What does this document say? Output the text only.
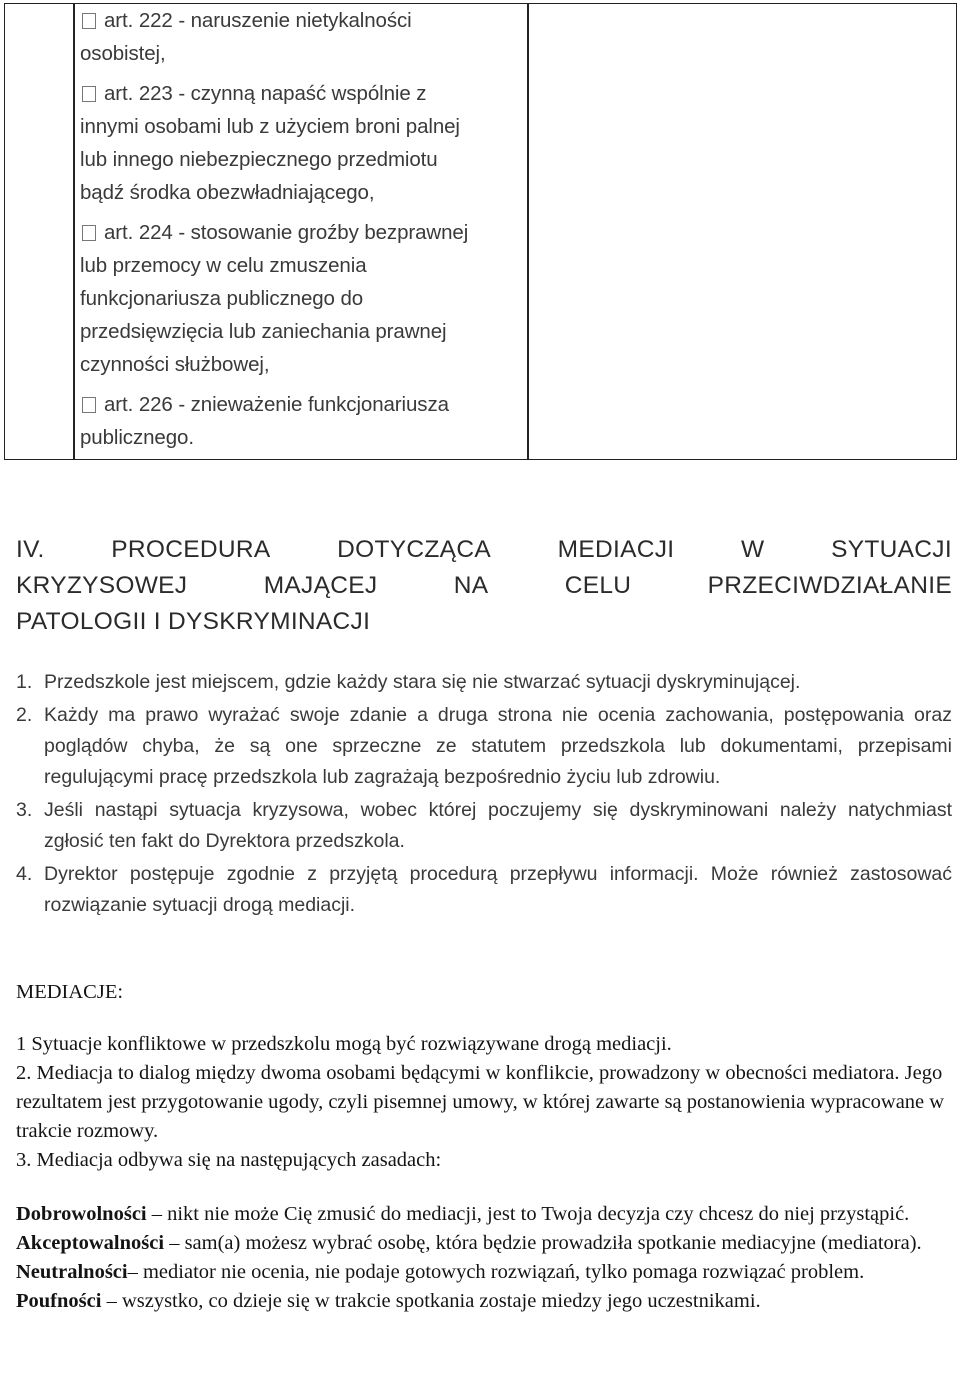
art. 222 - naruszenie nietykalności
osobistej,
art. 223 - czynną napaść wspólnie z
innymi osobami lub z użyciem broni palnej
lub innego niebezpiecznego przedmiotu
bądź środka obezwładniającego,
art. 224 - stosowanie groźby bezprawnej
lub przemocy w celu zmuszenia
funkcjonariusza publicznego do
przedsięwzięcia lub zaniechania prawnej
czynności służbowej,
art. 226 - znieważenie funkcjonariusza
publicznego.
IV.	PROCEDURA	DOTYCZĄCA	MEDIACJI	W	SYTUACJI
KRYZYSOWEJ	MAJĄCEJ	NA	CELU	PRZECIWDZIAŁANIE
PATOLOGII I DYSKRYMINACJI
1. Przedszkole jest miejscem, gdzie każdy stara się nie stwarzać sytuacji dyskryminującej.
2. Każdy ma prawo wyrażać swoje zdanie a druga strona nie ocenia zachowania, postępowania oraz poglądów chyba, że są one sprzeczne ze statutem przedszkola lub dokumentami, przepisami regulującymi pracę przedszkola lub zagrażają bezpośrednio życiu lub zdrowiu.
3. Jeśli nastąpi sytuacja kryzysowa, wobec której poczujemy się dyskryminowani należy natychmiast zgłosić ten fakt do Dyrektora przedszkola.
4. Dyrektor postępuje zgodnie z przyjętą procedurą przepływu informacji. Może również zastosować rozwiązanie sytuacji drogą mediacji.
MEDIACJE:

1 Sytuacje konfliktowe w przedszkolu mogą być rozwiązywane drogą mediacji.

2. Mediacja to dialog między dwoma osobami będącymi w konflikcie, prowadzony w obecności mediatora. Jego rezultatem jest przygotowanie ugody, czyli pisemnej umowy, w której zawarte są postanowienia wypracowane w trakcie rozmowy.

3. Mediacja odbywa się na następujących zasadach:

Dobrowolności – nikt nie może Cię zmusić do mediacji, jest to Twoja decyzja czy chcesz do niej przystąpić.

Akceptowalności – sam(a) możesz wybrać osobę, która będzie prowadziła spotkanie mediacyjne (mediatora).

Neutralności– mediator nie ocenia, nie podaje gotowych rozwiązań, tylko pomaga rozwiązać problem.

Poufności – wszystko, co dzieje się w trakcie spotkania zostaje miedzy jego uczestnikami.
